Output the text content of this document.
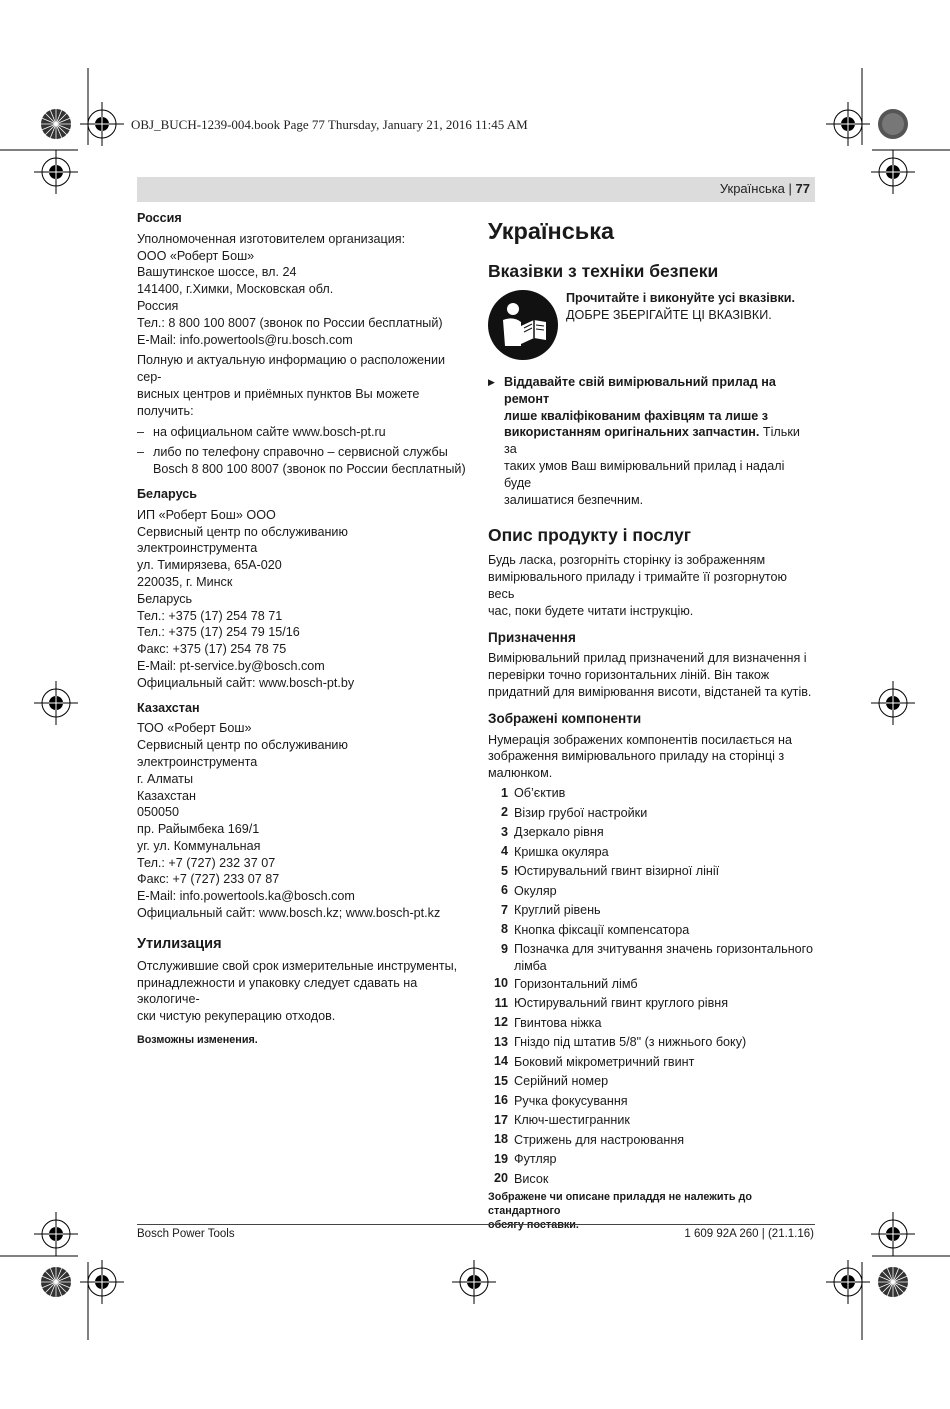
OBJ_BUCH-1239-004.book Page 77 Thursday, January 21, 2016 11:45 AM
Українська | 77

Россия

Уполномоченная изготовителем организация:

ООО «Роберт Бош»

Вашутинское шоссе, вл. 24

141400, г.Химки, Московская обл.

Россия

Тел.: 8 800 100 8007 (звонок по России бесплатный)

E-Mail: info.powertools@ru.bosch.com

Полную и актуальную информацию о расположении сер-

висных центров и приёмных пунктов Вы можете получить:

– на официальном сайте www.bosch-pt.ru

– либо по телефону справочно – сервисной службы
Bosch 8 800 100 8007 (звонок по России бесплатный)

Беларусь

ИП «Роберт Бош» ООО

Сервисный центр по обслуживанию электроинструмента

ул. Тимирязева, 65А-020

220035, г. Минск

Беларусь

Тел.: +375 (17) 254 78 71

Тел.: +375 (17) 254 79 15/16

Факс: +375 (17) 254 78 75

E-Mail: pt-service.by@bosch.com

Официальный сайт: www.bosch-pt.by

Казахстан

ТОО «Роберт Бош»

Сервисный центр по обслуживанию электроинструмента

г. Алматы

Казахстан

050050

пр. Райымбека 169/1

уг. ул. Коммунальная

Тел.: +7 (727) 232 37 07

Факс: +7 (727) 233 07 87

E-Mail: info.powertools.ka@bosch.com

Официальный сайт: www.bosch.kz; www.bosch-pt.kz

Утилизация

Отслужившие свой срок измерительные инструменты,

принадлежности и упаковку следует сдавать на экологиче-

ски чистую рекуперацию отходов.

Возможны изменения.

Українська

Вказівки з техніки безпеки

Прочитайте і виконуйте усі вказівки.
ДОБРЕ ЗБЕРІГАЙТЕ ЦІ ВКАЗІВКИ.
▶ Віддавайте свій вимірювальний прилад на ремонт
лише кваліфікованим фахівцям та лише з
використанням оригінальних запчастин. Тільки за
таких умов Ваш вимірювальний прилад і надалі буде
залишатися безпечним.

Опис продукту і послуг

Будь ласка, розгорніть сторінку із зображенням

вимірювального приладу і тримайте її розгорнутою весь

час, поки будете читати інструкцію.

Призначення

Вимірювальний прилад призначений для визначення і

перевірки точно горизонтальних ліній. Він також

придатний для вимірювання висоти, відстаней та кутів.

Зображені компоненти

Нумерація зображених компонентів посилається на

зображення вимірювального приладу на сторінці з

малюнком.

1 Об’єктив
2 Візир грубої настройки
3 Дзеркало рівня
4 Кришка окуляра
5 Юстирувальний гвинт візирної лінії
6 Окуляр
7 Круглий рівень
8 Кнопка фіксації компенсатора
9 Позначка для зчитування значень горизонтального лімба
10 Горизонтальний лімб
11 Юстирувальний гвинт круглого рівня
12 Гвинтова ніжка
13 Гніздо під штатив 5/8" (з нижнього боку)
14 Боковий мікрометричний гвинт
15 Серійний номер
16 Ручка фокусування
17 Ключ-шестигранник
18 Стрижень для настроювання
19 Футляр
20 Висок
Зображене чи описане приладдя не належить до стандартного
Bosch Power Tools	1 609 92A 260 | (21.1.16)
